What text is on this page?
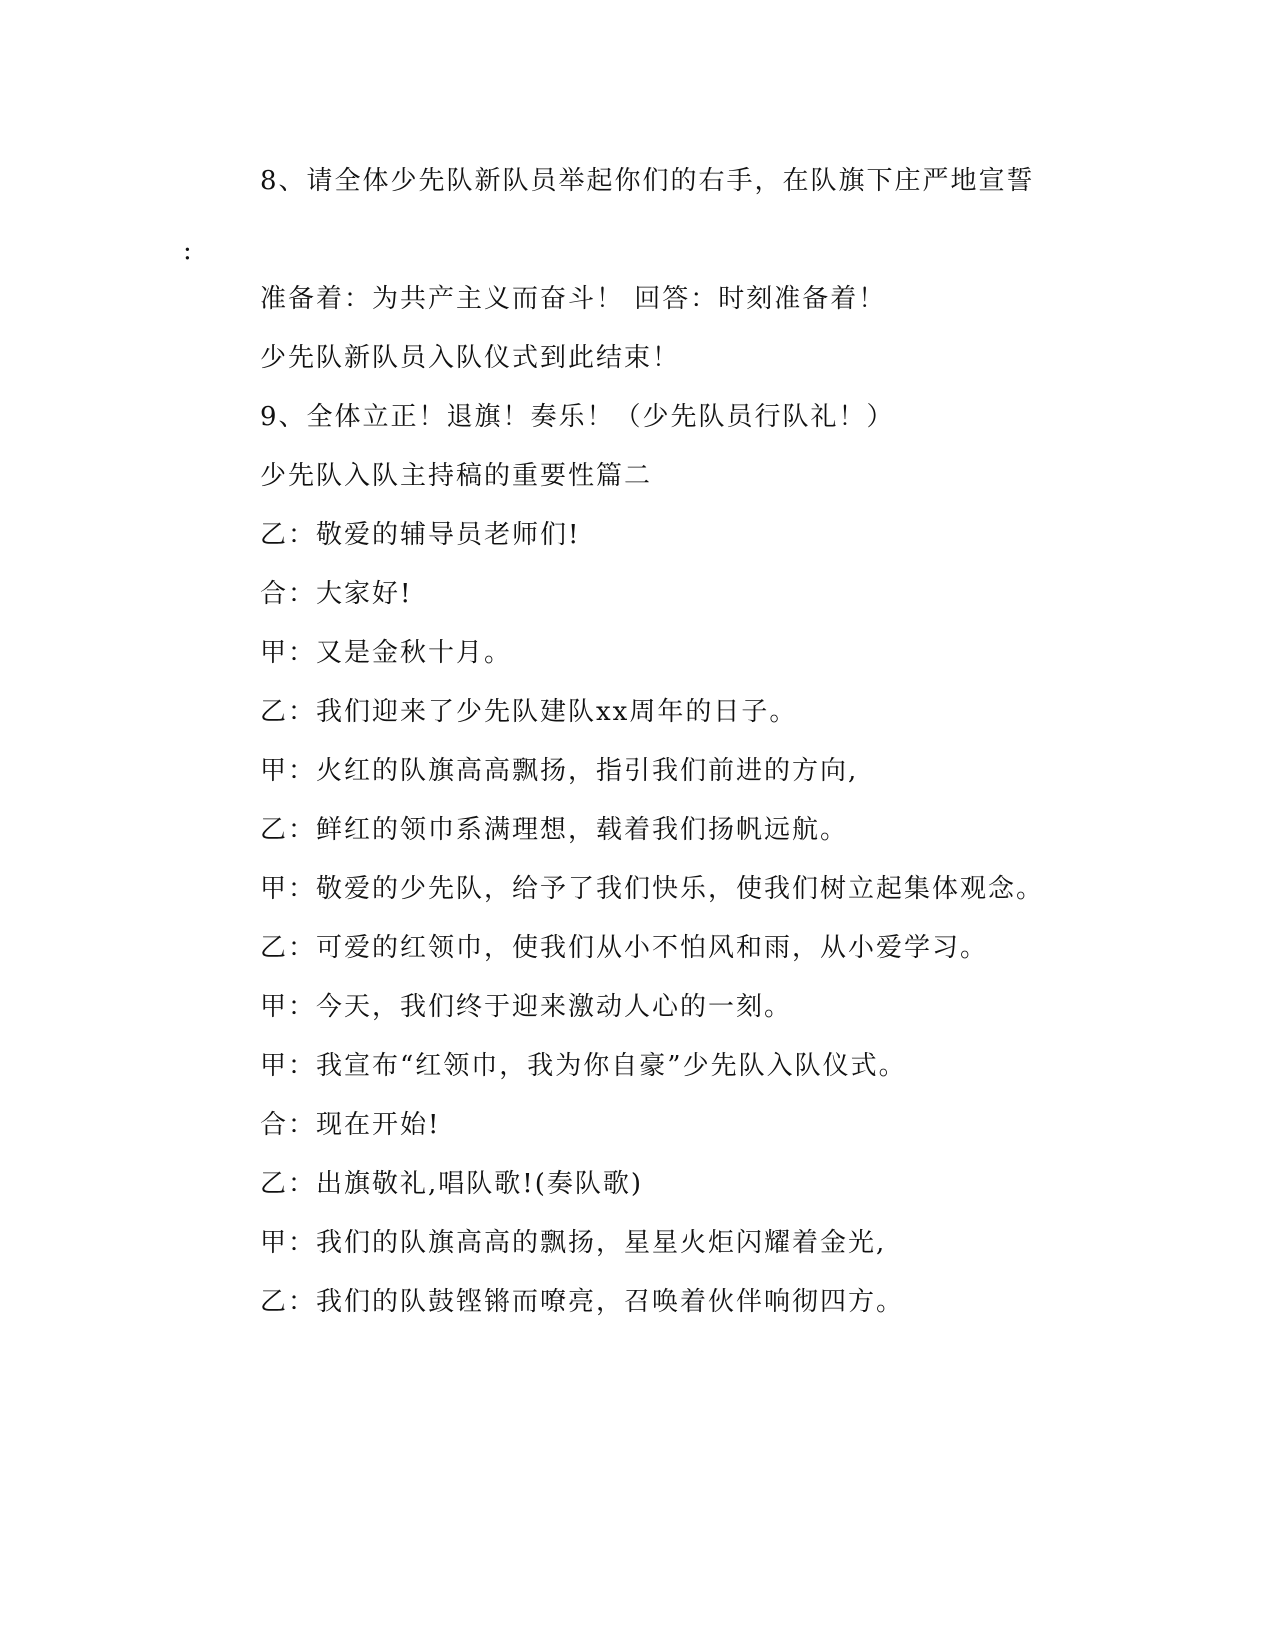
8、请全体少先队新队员举起你们的右手，在队旗下庄严地宣誓
:
准备着：为共产主义而奋斗！ 回答：时刻准备着！
少先队新队员入队仪式到此结束！
9、全体立正！退旗！奏乐！（少先队员行队礼！）
少先队入队主持稿的重要性篇二
乙：敬爱的辅导员老师们!
合：大家好!
甲：又是金秋十月。
乙：我们迎来了少先队建队xx周年的日子。
甲：火红的队旗高高飘扬，指引我们前进的方向,
乙：鲜红的领巾系满理想，载着我们扬帆远航。
甲：敬爱的少先队，给予了我们快乐，使我们树立起集体观念。
乙：可爱的红领巾，使我们从小不怕风和雨，从小爱学习。
甲：今天，我们终于迎来激动人心的一刻。
甲：我宣布“红领巾，我为你自豪”少先队入队仪式。
合：现在开始!
乙：出旗敬礼,唱队歌!(奏队歌)
甲：我们的队旗高高的飘扬，星星火炬闪耀着金光,
乙：我们的队鼓铿锵而嘹亮，召唤着伙伴响彻四方。
